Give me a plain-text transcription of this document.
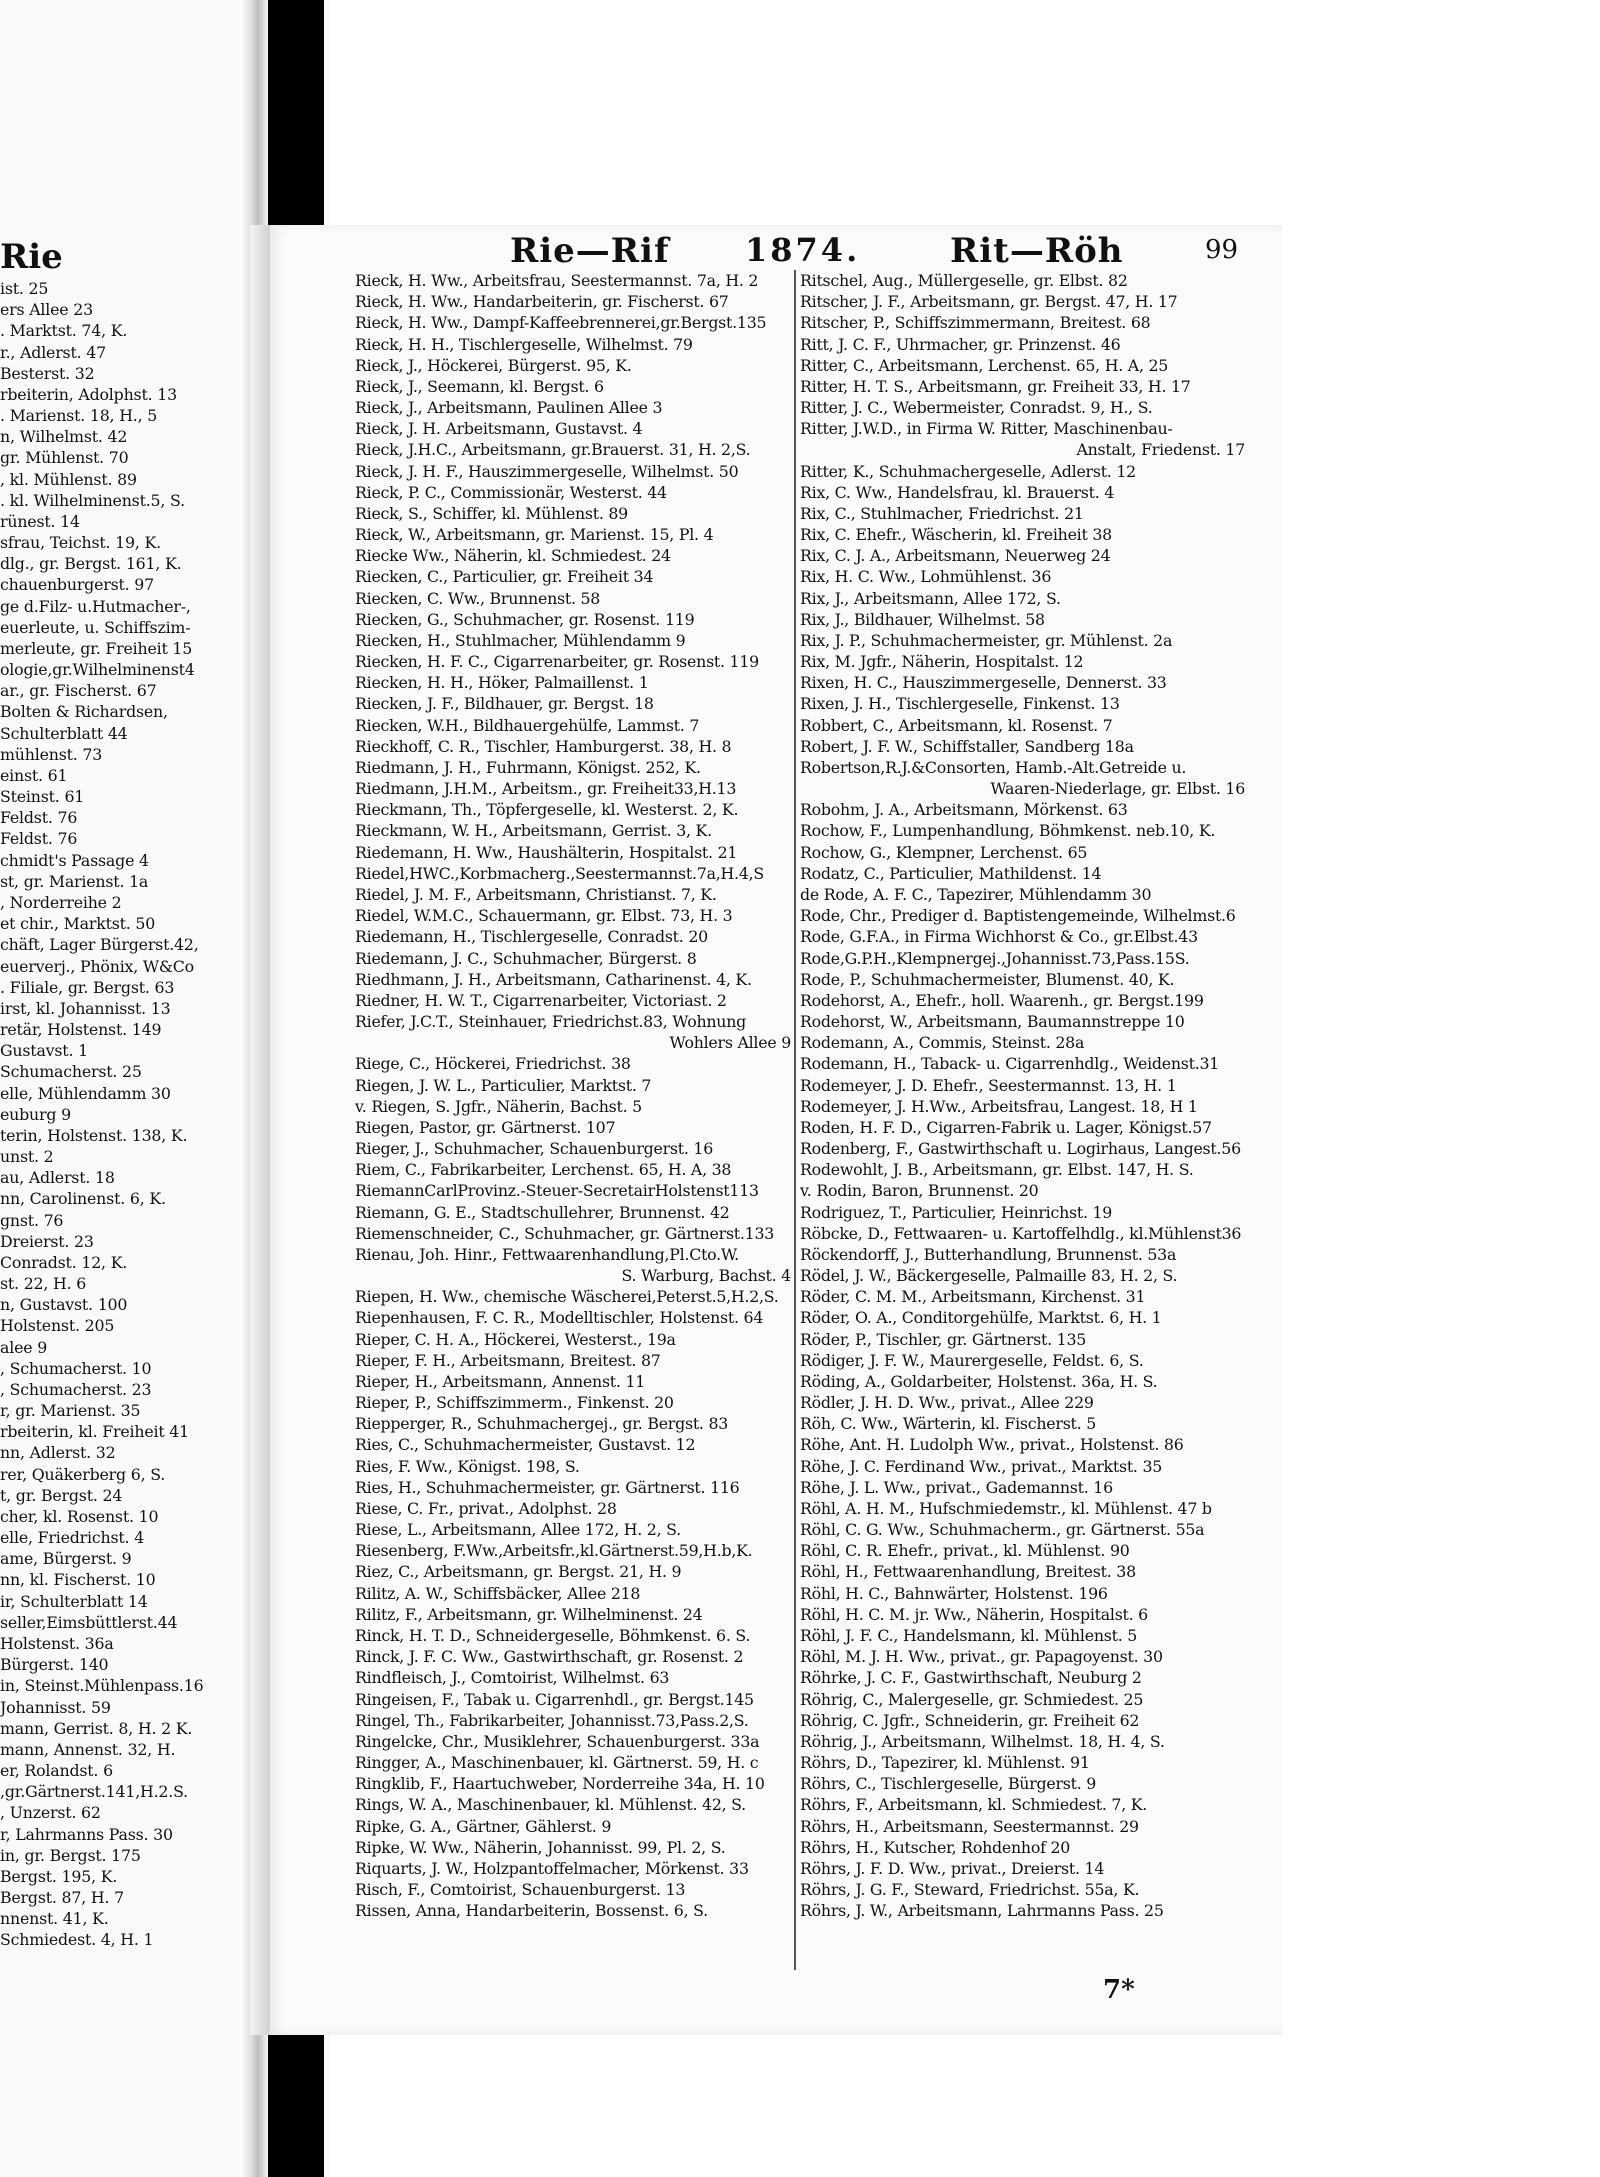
Rie
ist. 25
ers Allee 23
. Marktst. 74, K.
r., Adlerst. 47
Besterst. 32
rbeiterin, Adolphst. 13
. Marienst. 18, H., 5
n, Wilhelmst. 42
gr. Mühlenst. 70
, kl. Mühlenst. 89
. kl. Wilhelminenst.5, S.
rünest. 14
sfrau, Teichst. 19, K.
dlg., gr. Bergst. 161, K.
chauenburgerst. 97
ge d.Filz- u.Hutmacher-,
euerleute, u. Schiffszim-
merleute, gr. Freiheit 15
ologie,gr.Wilhelminenst4
ar., gr. Fischerst. 67
Bolten & Richardsen,
Schulterblatt 44
mühlenst. 73
einst. 61
Steinst. 61
Feldst. 76
Feldst. 76
chmidt's Passage 4
st, gr. Marienst. 1a
, Norderreihe 2
et chir., Marktst. 50
chäft, Lager Bürgerst.42,
euerverj., Phönix, W&Co
. Filiale, gr. Bergst. 63
irst, kl. Johannisst. 13
retär, Holstenst. 149
Gustavst. 1
Schumacherst. 25
elle, Mühlendamm 30
euburg 9
terin, Holstenst. 138, K.
unst. 2
au, Adlerst. 18
nn, Carolinenst. 6, K.
gnst. 76
Dreierst. 23
Conradst. 12, K.
st. 22, H. 6
n, Gustavst. 100
Holstenst. 205
alee 9
, Schumacherst. 10
, Schumacherst. 23
r, gr. Marienst. 35
rbeiterin, kl. Freiheit 41
nn, Adlerst. 32
rer, Quäkerberg 6, S.
t, gr. Bergst. 24
cher, kl. Rosenst. 10
elle, Friedrichst. 4
ame, Bürgerst. 9
nn, kl. Fischerst. 10
ir, Schulterblatt 14
seller,Eimsbüttlerst.44
Holstenst. 36a
Bürgerst. 140
in, Steinst.Mühlenpass.16
Johannisst. 59
mann, Gerrist. 8, H. 2 K.
mann, Annenst. 32, H.
er, Rolandst. 6
,gr.Gärtnerst.141,H.2.S.
, Unzerst. 62
r, Lahrmanns Pass. 30
in, gr. Bergst. 175
Bergst. 195, K.
Bergst. 87, H. 7
nnenst. 41, K.
Schmiedest. 4, H. 1
Rie—Rif 1874.	Rit—Röh	99
Rieck, H. Ww., Arbeitsfrau, Seestermannst. 7a, H. 2
Rieck, H. Ww., Handarbeiterin, gr. Fischerst. 67
Rieck, H. Ww., Dampf-Kaffeebrennerei,gr.Bergst.135
Rieck, H. H., Tischlergeselle, Wilhelmst. 79
Rieck, J., Höckerei, Bürgerst. 95, K.
Rieck, J., Seemann, kl. Bergst. 6
Rieck, J., Arbeitsmann, Paulinen Allee 3
Rieck, J. H. Arbeitsmann, Gustavst. 4
Rieck, J.H.C., Arbeitsmann, gr.Brauerst. 31, H. 2,S.
Rieck, J. H. F., Hauszimmergeselle, Wilhelmst. 50
Rieck, P. C., Commissionär, Westerst. 44
Rieck, S., Schiffer, kl. Mühlenst. 89
Rieck, W., Arbeitsmann, gr. Marienst. 15, Pl. 4
Riecke Ww., Näherin, kl. Schmiedest. 24
Riecken, C., Particulier, gr. Freiheit 34
Riecken, C. Ww., Brunnenst. 58
Riecken, G., Schuhmacher, gr. Rosenst. 119
Riecken, H., Stuhlmacher, Mühlendamm 9
Riecken, H. F. C., Cigarrenarbeiter, gr. Rosenst. 119
Riecken, H. H., Höker, Palmaillenst. 1
Riecken, J. F., Bildhauer, gr. Bergst. 18
Riecken, W.H., Bildhauergehülfe, Lammst. 7
Rieckhoff, C. R., Tischler, Hamburgerst. 38, H. 8
Riedmann, J. H., Fuhrmann, Königst. 252, K.
Riedmann, J.H.M., Arbeitsm., gr. Freiheit33,H.13
Rieckmann, Th., Töpfergeselle, kl. Westerst. 2, K.
Rieckmann, W. H., Arbeitsmann, Gerrist. 3, K.
Riedemann, H. Ww., Haushälterin, Hospitalst. 21
Riedel,HWC.,Korbmacherg.,Seestermannst.7a,H.4,S
Riedel, J. M. F., Arbeitsmann, Christianst. 7, K.
Riedel, W.M.C., Schauermann, gr. Elbst. 73, H. 3
Riedemann, H., Tischlergeselle, Conradst. 20
Riedemann, J. C., Schuhmacher, Bürgerst. 8
Riedhmann, J. H., Arbeitsmann, Catharinenst. 4, K.
Riedner, H. W. T., Cigarrenarbeiter, Victoriast. 2
Riefer, J.C.T., Steinhauer, Friedrichst.83, Wohnung
Wohlers Allee 9
Riege, C., Höckerei, Friedrichst. 38
Riegen, J. W. L., Particulier, Marktst. 7
v. Riegen, S. Jgfr., Näherin, Bachst. 5
Riegen, Pastor, gr. Gärtnerst. 107
Rieger, J., Schuhmacher, Schauenburgerst. 16
Riem, C., Fabrikarbeiter, Lerchenst. 65, H. A, 38
RiemannCarlProvinz.-Steuer-SecretairHolstenst113
Riemann, G. E., Stadtschullehrer, Brunnenst. 42
Riemenschneider, C., Schuhmacher, gr. Gärtnerst.133
Rienau, Joh. Hinr., Fettwaarenhandlung,Pl.Cto.W.
S. Warburg, Bachst. 4
Riepen, H. Ww., chemische Wäscherei,Peterst.5,H.2,S.
Riepenhausen, F. C. R., Modelltischler, Holstenst. 64
Rieper, C. H. A., Höckerei, Westerst., 19a
Rieper, F. H., Arbeitsmann, Breitest. 87
Rieper, H., Arbeitsmann, Annenst. 11
Rieper, P., Schiffszimmerm., Finkenst. 20
Riepperger, R., Schuhmachergej., gr. Bergst. 83
Ries, C., Schuhmachermeister, Gustavst. 12
Ries, F. Ww., Königst. 198, S.
Ries, H., Schuhmachermeister, gr. Gärtnerst. 116
Riese, C. Fr., privat., Adolphst. 28
Riese, L., Arbeitsmann, Allee 172, H. 2, S.
Riesenberg, F.Ww.,Arbeitsfr.,kl.Gärtnerst.59,H.b,K.
Riez, C., Arbeitsmann, gr. Bergst. 21, H. 9
Rilitz, A. W., Schiffsbäcker, Allee 218
Rilitz, F., Arbeitsmann, gr. Wilhelminenst. 24
Rinck, H. T. D., Schneidergeselle, Böhmkenst. 6. S.
Rinck, J. F. C. Ww., Gastwirthschaft, gr. Rosenst. 2
Rindfleisch, J., Comtoirist, Wilhelmst. 63
Ringeisen, F., Tabak u. Cigarrenhdl., gr. Bergst.145
Ringel, Th., Fabrikarbeiter, Johannisst.73,Pass.2,S.
Ringelcke, Chr., Musiklehrer, Schauenburgerst. 33a
Ringger, A., Maschinenbauer, kl. Gärtnerst. 59, H. c
Ringklib, F., Haartuchweber, Norderreihe 34a, H. 10
Rings, W. A., Maschinenbauer, kl. Mühlenst. 42, S.
Ripke, G. A., Gärtner, Gählerst. 9
Ripke, W. Ww., Näherin, Johannisst. 99, Pl. 2, S.
Riquarts, J. W., Holzpantoffelmacher, Mörkenst. 33
Risch, F., Comtoirist, Schauenburgerst. 13
Rissen, Anna, Handarbeiterin, Bossenst. 6, S.
Ritschel, Aug., Müllergeselle, gr. Elbst. 82
Ritscher, J. F., Arbeitsmann, gr. Bergst. 47, H. 17
Ritscher, P., Schiffszimmermann, Breitest. 68
Ritt, J. C. F., Uhrmacher, gr. Prinzenst. 46
Ritter, C., Arbeitsmann, Lerchenst. 65, H. A, 25
Ritter, H. T. S., Arbeitsmann, gr. Freiheit 33, H. 17
Ritter, J. C., Webermeister, Conradst. 9, H., S.
Ritter, J.W.D., in Firma W. Ritter, Maschinenbau-
Anstalt, Friedenst. 17
Ritter, K., Schuhmachergeselle, Adlerst. 12
Rix, C. Ww., Handelsfrau, kl. Brauerst. 4
Rix, C., Stuhlmacher, Friedrichst. 21
Rix, C. Ehefr., Wäscherin, kl. Freiheit 38
Rix, C. J. A., Arbeitsmann, Neuerweg 24
Rix, H. C. Ww., Lohmühlenst. 36
Rix, J., Arbeitsmann, Allee 172, S.
Rix, J., Bildhauer, Wilhelmst. 58
Rix, J. P., Schuhmachermeister, gr. Mühlenst. 2a
Rix, M. Jgfr., Näherin, Hospitalst. 12
Rixen, H. C., Hauszimmergeselle, Dennerst. 33
Rixen, J. H., Tischlergeselle, Finkenst. 13
Robbert, C., Arbeitsmann, kl. Rosenst. 7
Robert, J. F. W., Schiffstaller, Sandberg 18a
Robertson,R.J.&Consorten, Hamb.-Alt.Getreide u.
Waaren-Niederlage, gr. Elbst. 16
Robohm, J. A., Arbeitsmann, Mörkenst. 63
Rochow, F., Lumpenhandlung, Böhmkenst. neb.10, K.
Rochow, G., Klempner, Lerchenst. 65
Rodatz, C., Particulier, Mathildenst. 14
de Rode, A. F. C., Tapezirer, Mühlendamm 30
Rode, Chr., Prediger d. Baptistengemeinde, Wilhelmst.6
Rode, G.F.A., in Firma Wichhorst & Co., gr.Elbst.43
Rode,G.P.H.,Klempnergej.,Johannisst.73,Pass.15S.
Rode, P., Schuhmachermeister, Blumenst. 40, K.
Rodehorst, A., Ehefr., holl. Waarenh., gr. Bergst.199
Rodehorst, W., Arbeitsmann, Baumannstreppe 10
Rodemann, A., Commis, Steinst. 28a
Rodemann, H., Taback- u. Cigarrenhdlg., Weidenst.31
Rodemeyer, J. D. Ehefr., Seestermannst. 13, H. 1
Rodemeyer, J. H.Ww., Arbeitsfrau, Langest. 18, H 1
Roden, H. F. D., Cigarren-Fabrik u. Lager, Königst.57
Rodenberg, F., Gastwirthschaft u. Logirhaus, Langest.56
Rodewohlt, J. B., Arbeitsmann, gr. Elbst. 147, H. S.
v. Rodin, Baron, Brunnenst. 20
Rodriguez, T., Particulier, Heinrichst. 19
Röbcke, D., Fettwaaren- u. Kartoffelhdlg., kl.Mühlenst36
Röckendorff, J., Butterhandlung, Brunnenst. 53a
Rödel, J. W., Bäckergeselle, Palmaille 83, H. 2, S.
Röder, C. M. M., Arbeitsmann, Kirchenst. 31
Röder, O. A., Conditorgehülfe, Marktst. 6, H. 1
Röder, P., Tischler, gr. Gärtnerst. 135
Rödiger, J. F. W., Maurergeselle, Feldst. 6, S.
Röding, A., Goldarbeiter, Holstenst. 36a, H. S.
Rödler, J. H. D. Ww., privat., Allee 229
Röh, C. Ww., Wärterin, kl. Fischerst. 5
Röhe, Ant. H. Ludolph Ww., privat., Holstenst. 86
Röhe, J. C. Ferdinand Ww., privat., Marktst. 35
Röhe, J. L. Ww., privat., Gademannst. 16
Röhl, A. H. M., Hufschmiedemstr., kl. Mühlenst. 47 b
Röhl, C. G. Ww., Schuhmacherm., gr. Gärtnerst. 55a
Röhl, C. R. Ehefr., privat., kl. Mühlenst. 90
Röhl, H., Fettwaarenhandlung, Breitest. 38
Röhl, H. C., Bahnwärter, Holstenst. 196
Röhl, H. C. M. jr. Ww., Näherin, Hospitalst. 6
Röhl, J. F. C., Handelsmann, kl. Mühlenst. 5
Röhl, M. J. H. Ww., privat., gr. Papagoyenst. 30
Röhrke, J. C. F., Gastwirthschaft, Neuburg 2
Röhrig, C., Malergeselle, gr. Schmiedest. 25
Röhrig, C. Jgfr., Schneiderin, gr. Freiheit 62
Röhrig, J., Arbeitsmann, Wilhelmst. 18, H. 4, S.
Röhrs, D., Tapezirer, kl. Mühlenst. 91
Röhrs, C., Tischlergeselle, Bürgerst. 9
Röhrs, F., Arbeitsmann, kl. Schmiedest. 7, K.
Röhrs, H., Arbeitsmann, Seestermannst. 29
Röhrs, H., Kutscher, Rohdenhof 20
Röhrs, J. F. D. Ww., privat., Dreierst. 14
Röhrs, J. G. F., Steward, Friedrichst. 55a, K.
Röhrs, J. W., Arbeitsmann, Lahrmanns Pass. 25
7*
